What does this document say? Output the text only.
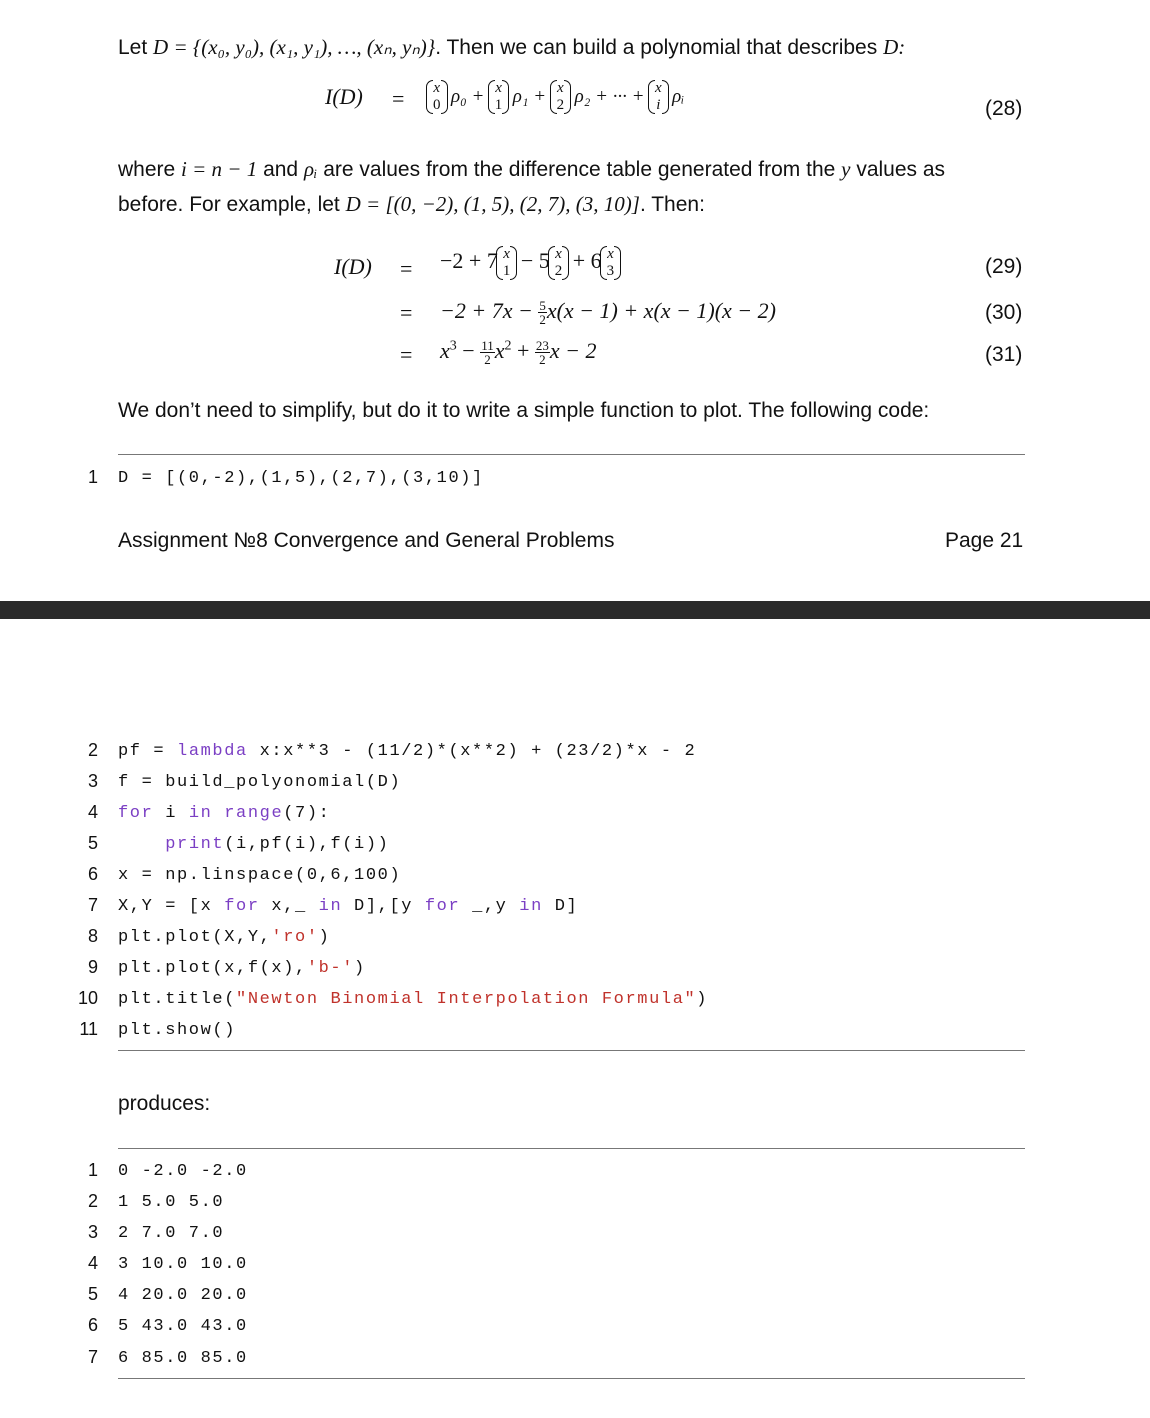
Let D = {(x₀, y₀), (x₁, y₁), …, (xₙ, yₙ)}. Then we can build a polynomial that describes D:
I(D) = x
0 ρ₀ + x
1 ρ₁ + x
2 ρ₂ + ··· + x
i ρᵢ
(28)
where i = n − 1 and ρᵢ are values from the difference table generated from the y values as
before. For example, let D = [(0, −2), (1, 5), (2, 7), (3, 10)]. Then:
I(D) = −2 + 7 x
1 − 5 x
2 + 6 x
3	(29)
= $-2 + 7x - \frac{5}{2} x(x - 1) + x(x - 1)(x - 2)$	(30)
= $x^3 - \frac{11}{2} x^2 + \frac{23}{2}$ x − 2	(31)
We don’t need to simplify, but do it to write a simple function to plot. The following code:
1 D = [(0,-2),(1,5),(2,7),(3,10)]
Assignment №8 Convergence and General Problems	Page 21
2 pf = lambda x:x**3 - (11/2)*(x**2) + (23/2)*x - 2
3 f = build_polyonomial(D)
4 for i in range(7):
5	print(i,pf(i),f(i))
6 x = np.linspace(0,6,100)
7 X,Y = [x for x,_ in D],[y for _,y in D]
8 plt.plot(X,Y,'ro')
9 plt.plot(x,f(x),'b-')
10 plt.title("Newton Binomial Interpolation Formula")
11 plt.show()
produces:
1 0 -2.0 -2.0
2 1 5.0 5.0
3 2 7.0 7.0
4 3 10.0 10.0
5 4 20.0 20.0
6 5 43.0 43.0
7 6 85.0 85.0
